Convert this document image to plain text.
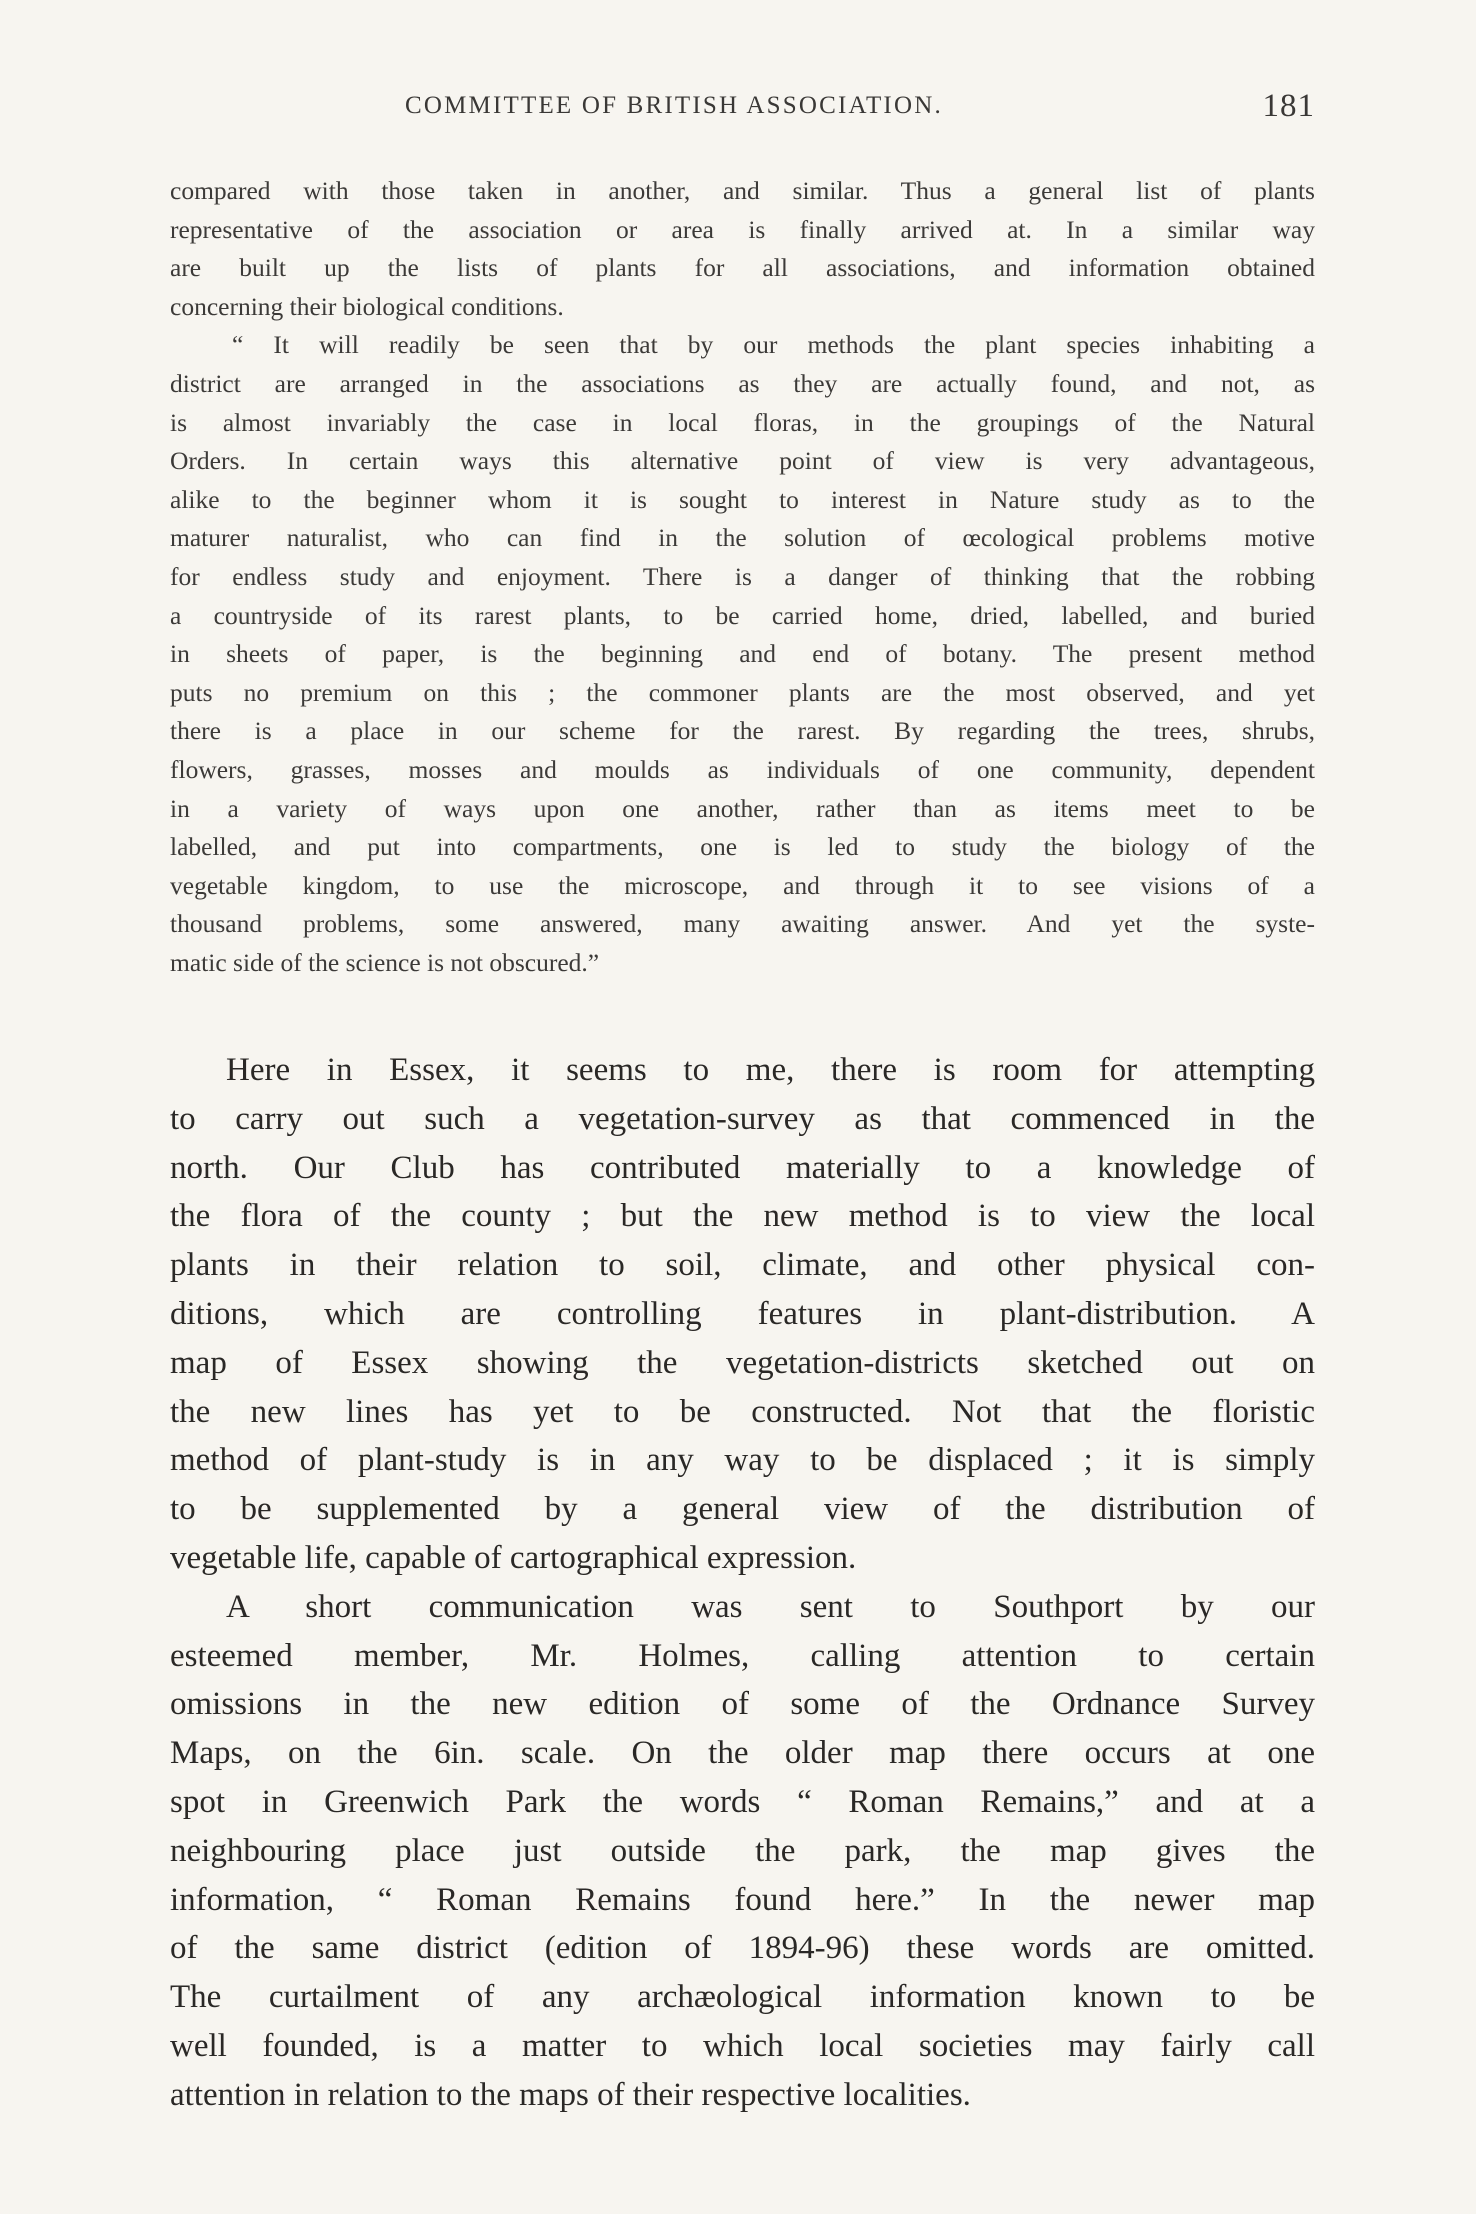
COMMITTEE OF BRITISH ASSOCIATION.	181
compared with those taken in another, and similar. Thus a general list of plants
representative of the association or area is finally arrived at. In a similar way
are built up the lists of plants for all associations, and information obtained
concerning their biological conditions.
“ It will readily be seen that by our methods the plant species inhabiting a
district are arranged in the associations as they are actually found, and not, as
is almost invariably the case in local floras, in the groupings of the Natural
Orders. In certain ways this alternative point of view is very advantageous,
alike to the beginner whom it is sought to interest in Nature study as to the
maturer naturalist, who can find in the solution of œcological problems motive
for endless study and enjoyment. There is a danger of thinking that the robbing
a countryside of its rarest plants, to be carried home, dried, labelled, and buried
in sheets of paper, is the beginning and end of botany. The present method
puts no premium on this ; the commoner plants are the most observed, and yet
there is a place in our scheme for the rarest. By regarding the trees, shrubs,
flowers, grasses, mosses and moulds as individuals of one community, dependent
in a variety of ways upon one another, rather than as items meet to be
labelled, and put into compartments, one is led to study the biology of the
vegetable kingdom, to use the microscope, and through it to see visions of a
thousand problems, some answered, many awaiting answer. And yet the syste-
matic side of the science is not obscured.”
Here in Essex, it seems to me, there is room for attempting
to carry out such a vegetation-survey as that commenced in the
north. Our Club has contributed materially to a knowledge of
the flora of the county ; but the new method is to view the local
plants in their relation to soil, climate, and other physical con-
ditions, which are controlling features in plant-distribution. A
map of Essex showing the vegetation-districts sketched out on
the new lines has yet to be constructed. Not that the floristic
method of plant-study is in any way to be displaced ; it is simply
to be supplemented by a general view of the distribution of
vegetable life, capable of cartographical expression.
A short communication was sent to Southport by our
esteemed member, Mr. Holmes, calling attention to certain
omissions in the new edition of some of the Ordnance Survey
Maps, on the 6in. scale. On the older map there occurs at one
spot in Greenwich Park the words “ Roman Remains,” and at a
neighbouring place just outside the park, the map gives the
information, “ Roman Remains found here.” In the newer map
of the same district (edition of 1894-96) these words are omitted.
The curtailment of any archæological information known to be
well founded, is a matter to which local societies may fairly call
attention in relation to the maps of their respective localities.
